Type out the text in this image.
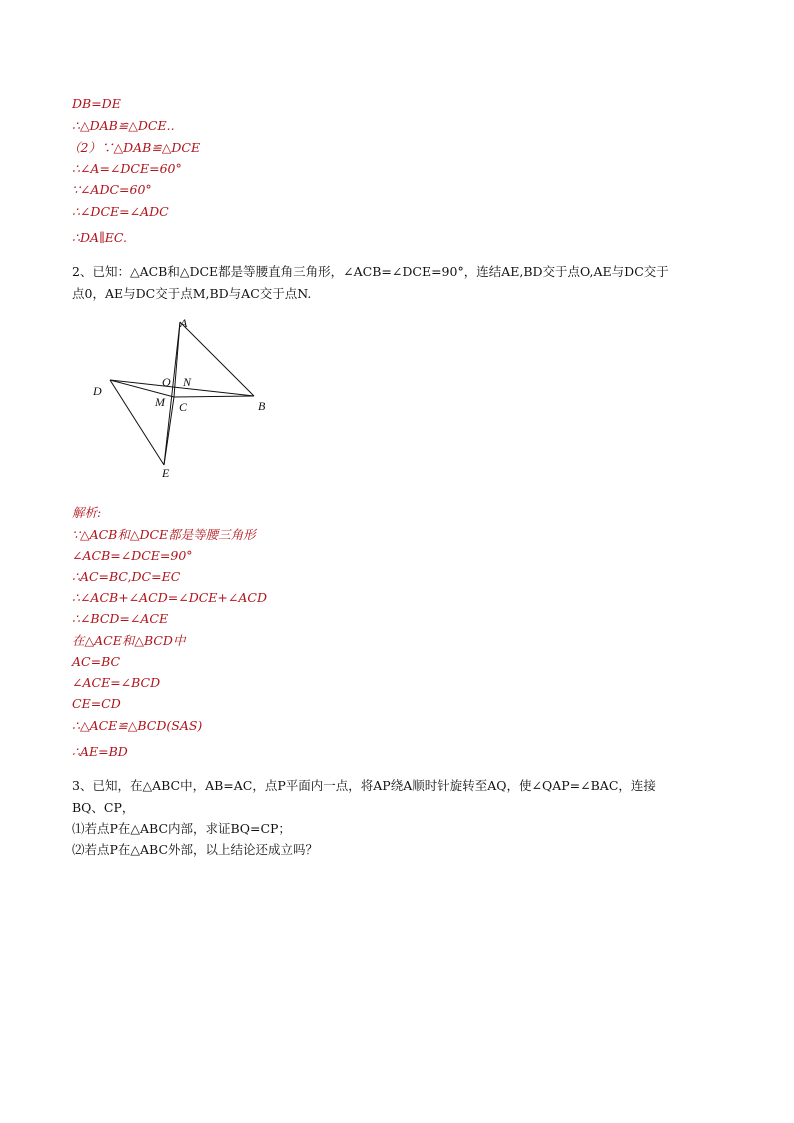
DB=DE
∴△DAB≌△DCE..
（2）∵△DAB≌△DCE
∴∠A=∠DCE=60°
∵∠ADC=60°
∴∠DCE=∠ADC
∴DA∥EC.
2、已知：△ACB和△DCE都是等腰直角三角形，∠ACB=∠DCE=90°，连结AE,BD交于点O,AE与DC交于
点0，AE与DC交于点M,BD与AC交于点N.
A
B
C
D
E
O N
M
解析:
∵△ACB和△DCE都是等腰三角形
∠ACB=∠DCE=90°
∴AC=BC,DC=EC
∴∠ACB+∠ACD=∠DCE+∠ACD
∴∠BCD=∠ACE
在△ACE和△BCD中
AC=BC
∠ACE=∠BCD
CE=CD
∴△ACE≌△BCD(SAS)
∴AE=BD
3、已知，在△ABC中，AB=AC，点P平面内一点，将AP绕A顺时针旋转至AQ，使∠QAP=∠BAC，连接
BQ、CP，
⑴若点P在△ABC内部，求证BQ=CP；
⑵若点P在△ABC外部，以上结论还成立吗？
